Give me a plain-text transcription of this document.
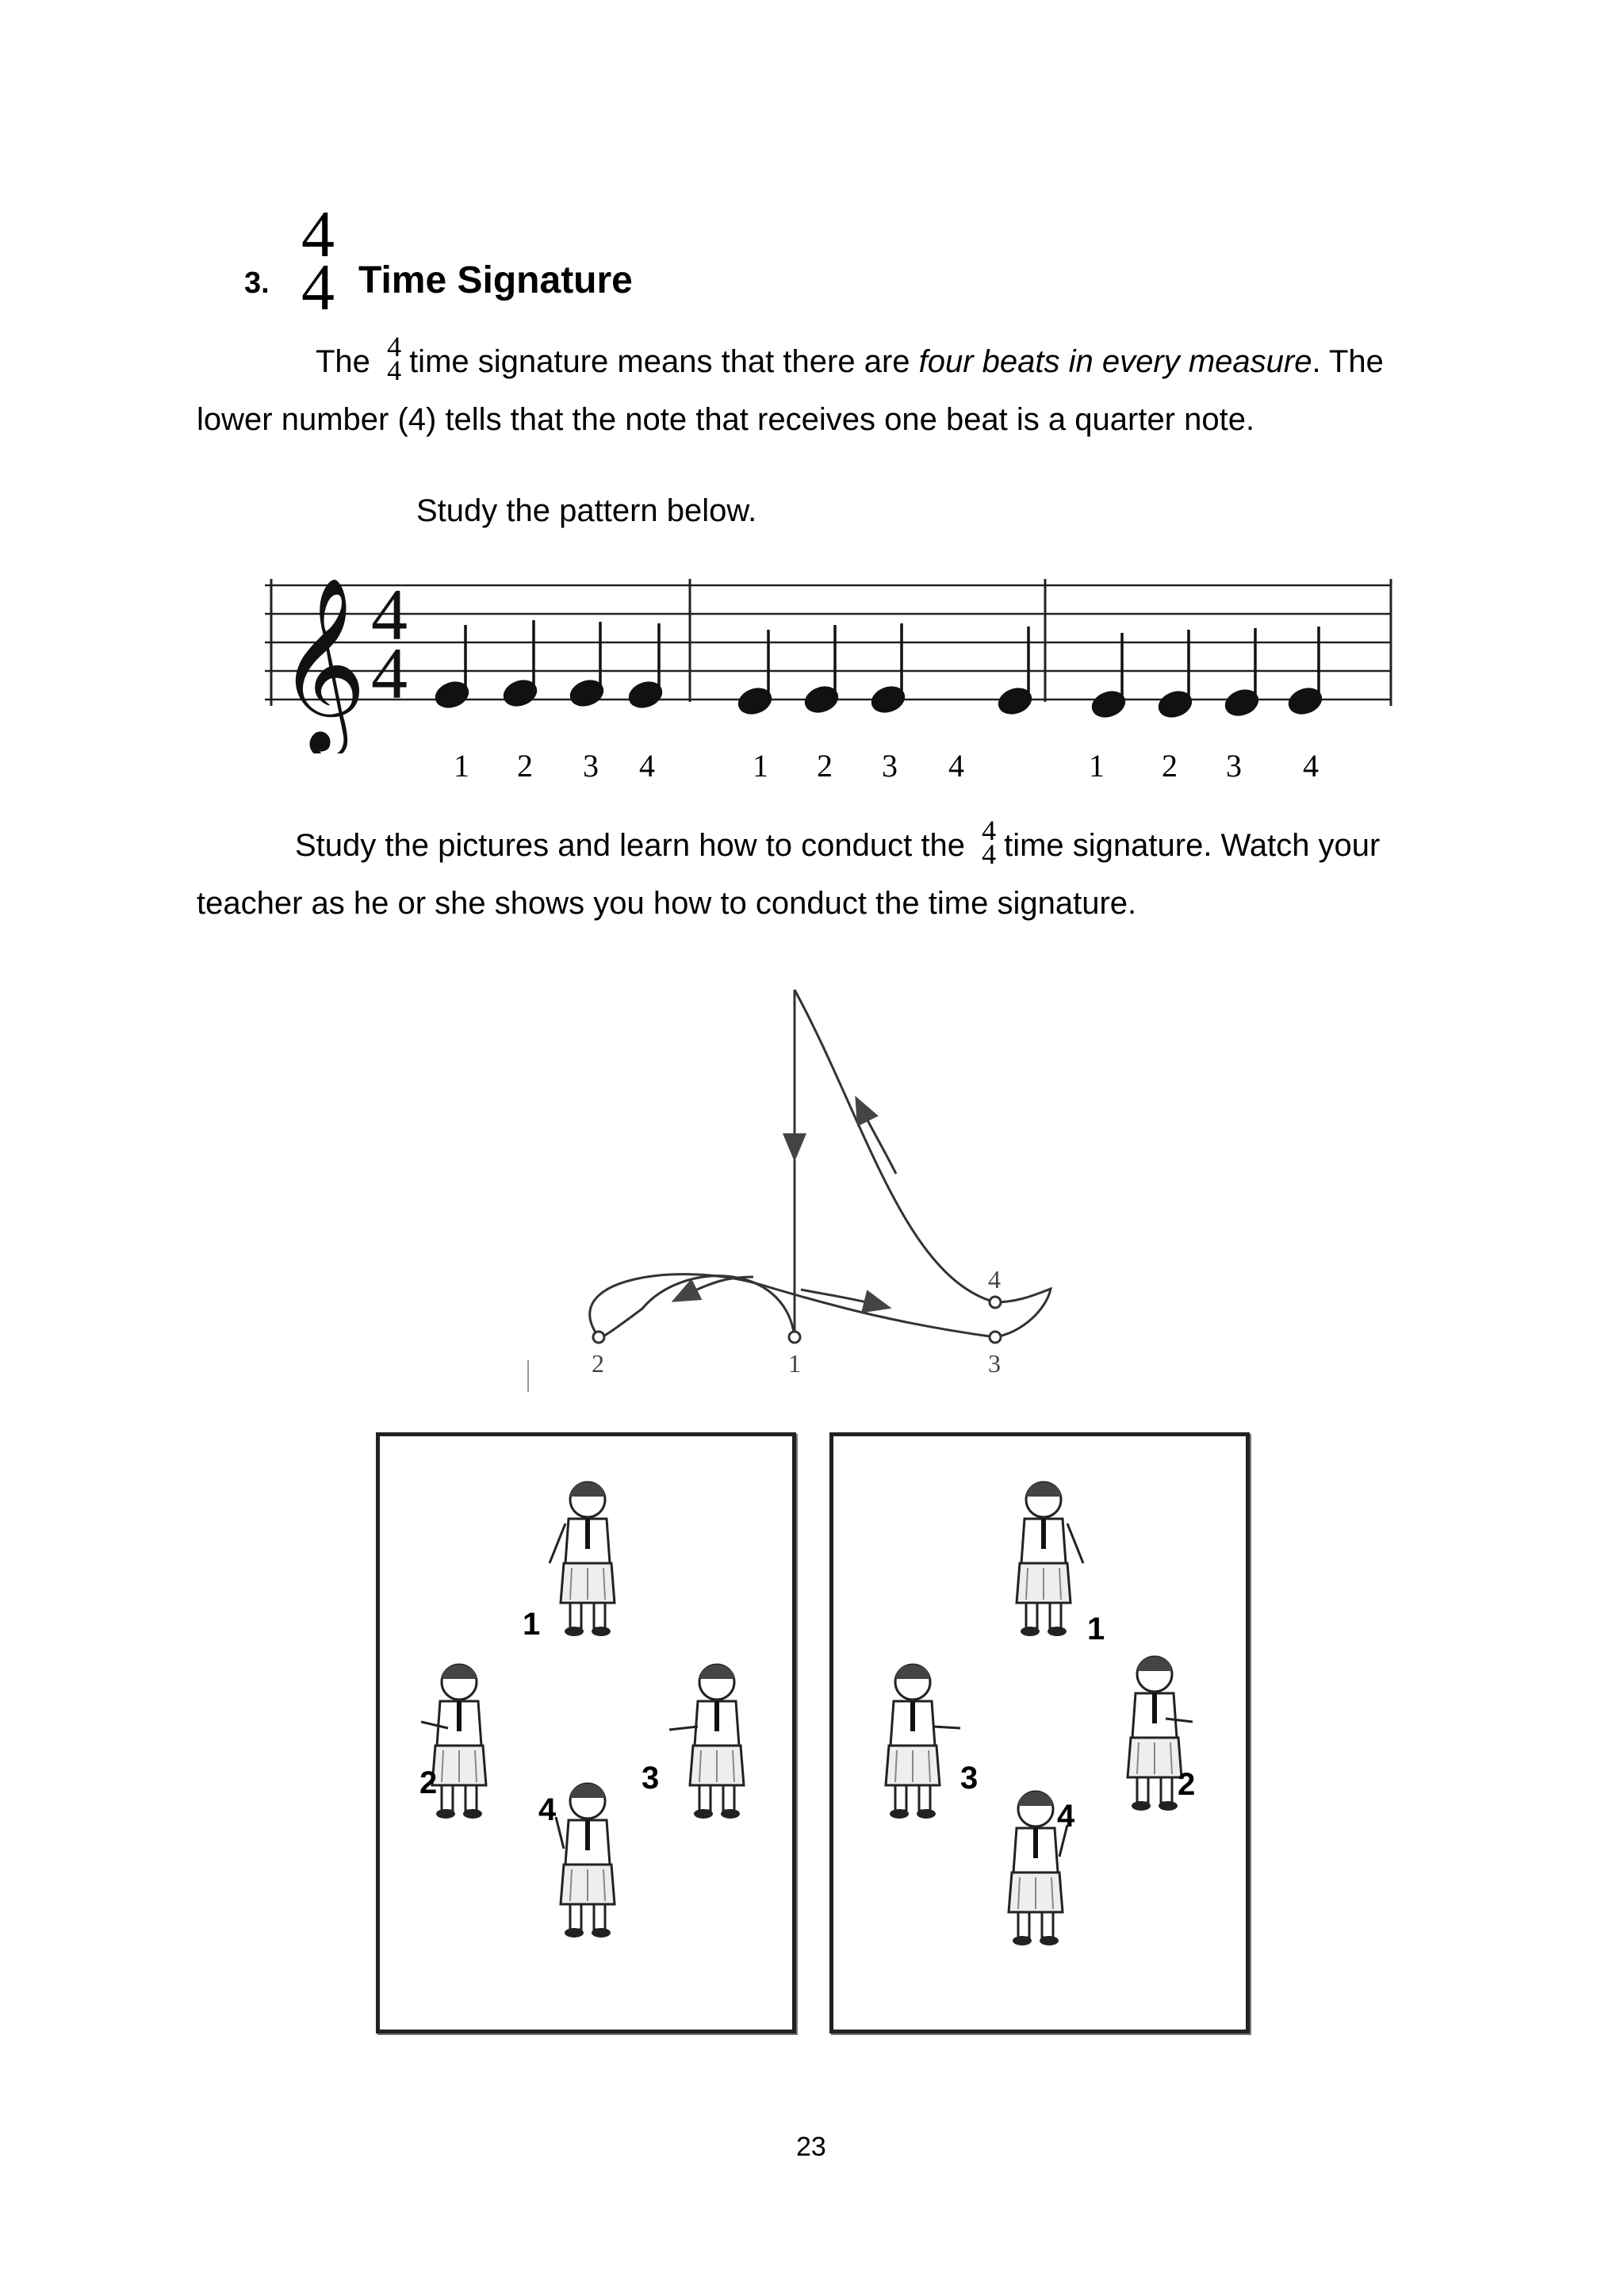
3.
4
4 Time Signature
The 4
4 time signature means that there are four beats in every measure. The
lower number (4) tells that the note that receives one beat is a quarter note.
Study the pattern below.
𝄞 4
4
1 2 3 4	1 2 3 4	1 2 3 4
Study the pictures and learn how to conduct the 4
4 time signature. Watch your
teacher as he or she shows you how to conduct the time signature.
2	1	3
4
1
2	3
4
1
2
3
4
23
